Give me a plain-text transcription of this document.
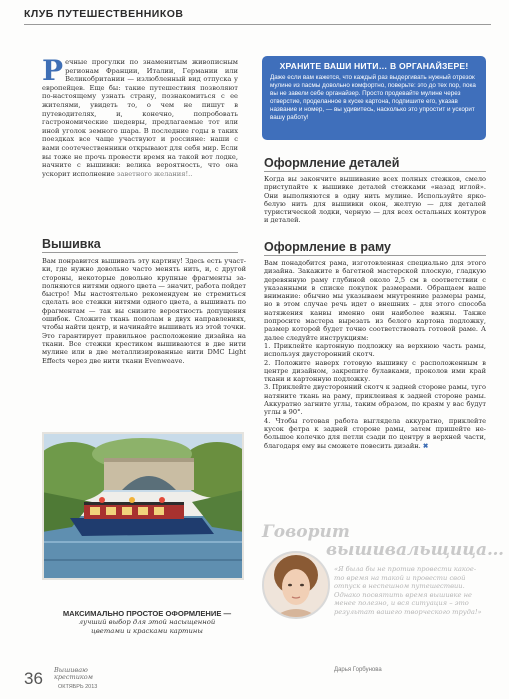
КЛУБ ПУТЕШЕСТВЕННИКОВ
Р ечные прогулки по знаменитым живописным регионам Франции, Италии, Германии или Великобритании — излюбленный вид отпуска у европейцев. Еще бы: такие путешествия позволяют по-настоящему узнать страну, познакомиться с ее жителями, увидеть то, о чем не пишут в путеводителях, и, конечно, попробовать гастрономические шедевры, предлагаемые тот или иной уголок земного шара. В последние годы в таких поездках все чаще участвуют и россияне: наши с вами соотечественники открывают для себя мир. Если вы тоже не прочь провести время на такой вот лодке, начните с вышивки: велика вероятность, что она ускорит исполнение заветного желания!..
Вышивка
Вам понравится вышивать эту картину! Здесь есть участки, где нужно довольно часто менять нить, и, с другой стороны, некоторые довольно крупные фрагменты заполняются нитями одного цвета — значит, работа пойдет быстро! Мы настоятельно рекомендуем не стремиться сделать все стежки нитями одного цвета, а вышивать по фрагментам — так вы снизите вероятность допущения ошибок. Сложите ткань пополам в двух направлениях, чтобы найти центр, и начинайте вышивать из этой точки. Это гарантирует правильное расположение дизайна на ткани. Все стежки крестиком вышиваются в две нити мулине или в две металлизированные нити DMC Light Effects через две нити ткани Evenweave.
МАКСИМАЛЬНО ПРОСТОЕ ОФОРМЛЕНИЕ —
лучший выбор для этой насыщенной цветами и красками картины
36 Вышиваю
крестиком
ОКТЯБРЬ 2013
ХРАНИТЕ ВАШИ НИТИ… В ОРГАНАЙЗЕРЕ!
Даже если вам кажется, что каждый раз выдергивать нужный отрезок мулине из пасмы довольно комфортно, поверьте: это до тех пор, пока вы не завели себе органайзер. Просто продевайте мулине через отверстие, проделанное в куске картона, подпишите его, указав название и номер, — вы удивитесь, насколько это упростит и ускорит вашу работу!
Оформление деталей
Когда вы закончите вышивание всех полных стежков, смело приступайте к вышивке деталей стежками «назад иглой». Они выполняются в одну нить мулине. Используйте ярко-белую нить для вышивки окон, желтую — для деталей туристической лодки, черную — для всех остальных контуров и деталей.
Оформление в раму
Вам понадобится рама, изготовленная специально для этого дизайна. Закажите в багетной мастерской плоскую, гладкую деревянную раму глубиной около 2,5 см в соответствии с указанными в списке покупок размерами. Обращаем ваше внимание: обычно мы указываем мнутренние размеры рамы, но в этом случае речь идет о внешних – для этого способа натяжения канвы именно они наиболее важны. Также попросите мастера вырезать из белого картона подложку, размер которой будет точно соответствовать готовой раме. А далее следуйте инструкциям:
1. Приклейте картонную подложку на верхнюю часть рамы, используя двусторонний скотч.
2. Положите наверх готовую вышивку с расположенным в центре дизайном, закрепите булавками, проколов ими край ткани и картонную подложку.
3. Приклейте двусторонний скотч к задней стороне рамы, туго натяните ткань на раму, приклеивая к задней стороне рамы. Аккуратно загните углы, таким образом, по краям у вас будут углы в 90°.
4. Чтобы готовая работа выглядела аккуратно, приклейте кусок фетра к задней стороне рамы, затем пришейте небольшое колечко для петли сзади по центру в верхней части, благодаря ему вы сможете повесить дизайн. ✖
Говорит
вышивальщица…
«Я была бы не против провести какое-то время на такой и провести свой отпуск в неспешном путешествии. Однако посвятить время вышивке не менее полезно, и вся ситуация – это результат вашего творческого труда!»
Дарья Горбунова
